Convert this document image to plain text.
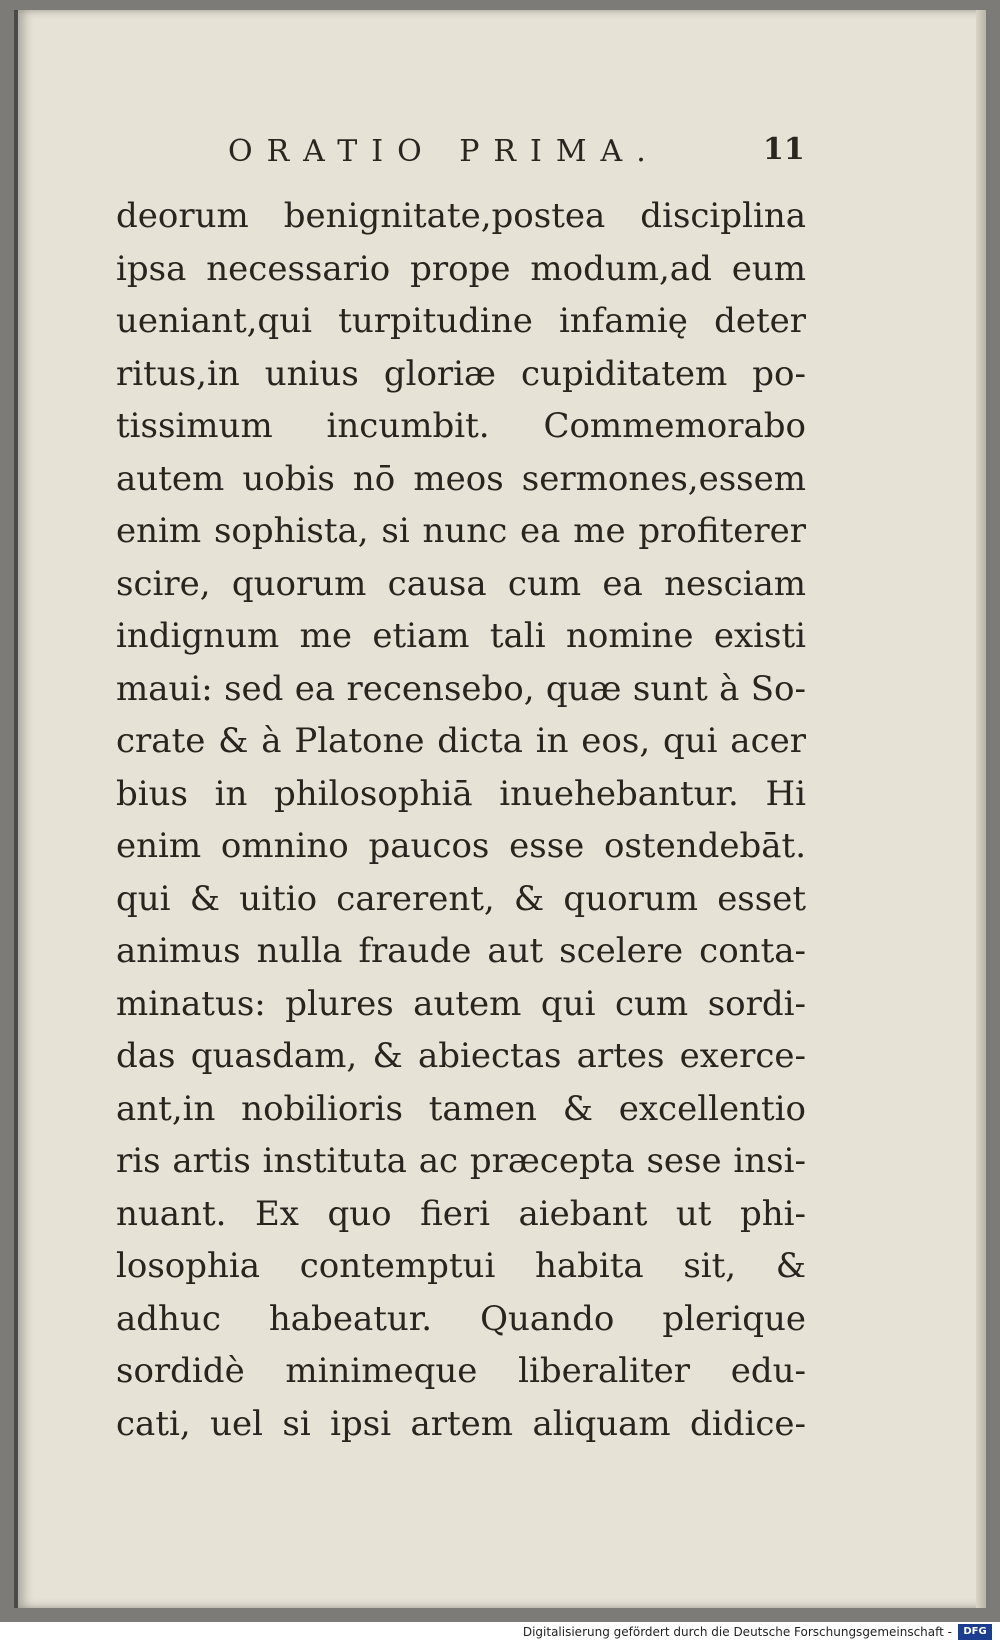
ORATIO PRIMA.	11
deorum benignitate,postea disciplina
ipsa necessario prope modum,ad eum
ueniant,qui turpitudine infamię deter
ritus,in unius gloriæ cupiditatem po-
tissimum incumbit. Commemorabo
autem uobis nō meos sermones,essem
enim sophista, si nunc ea me profiterer
scire, quorum causa cum ea nesciam
indignum me etiam tali nomine existi
maui: sed ea recensebo, quæ sunt à So-
crate & à Platone dicta in eos, qui acer
bius in philosophiā inuehebantur. Hi
enim omnino paucos esse ostendebāt.
qui & uitio carerent, & quorum esset
animus nulla fraude aut scelere conta-
minatus: plures autem qui cum sordi-
das quasdam, & abiectas artes exerce-
ant,in nobilioris tamen & excellentio
ris artis instituta ac præcepta sese insi-
nuant. Ex quo fieri aiebant ut phi-
losophia contemptui habita sit, &
adhuc habeatur. Quando plerique
sordidè minimeque liberaliter edu-
cati, uel si ipsi artem aliquam didice-
Digitalisierung gefördert durch die Deutsche Forschungsgemeinschaft -	DFG
